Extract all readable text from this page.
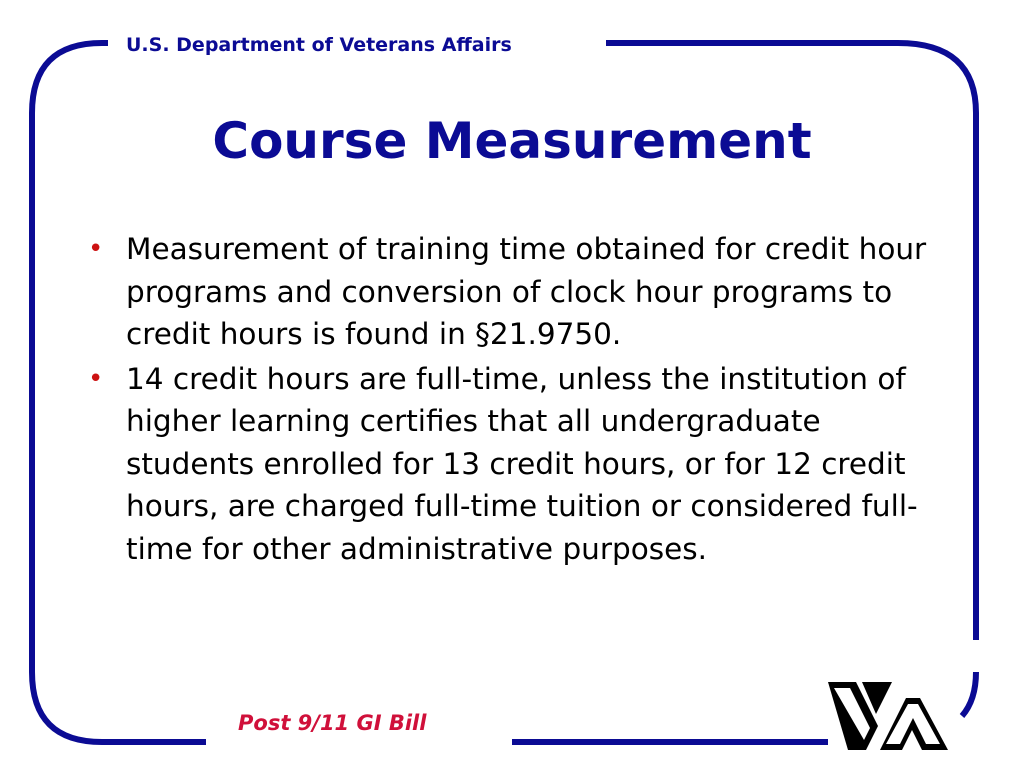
U.S. Department of Veterans Affairs
Course Measurement
• Measurement of training time obtained for credit hour programs and conversion of clock hour programs to credit hours is found in §21.9750.
• 14 credit hours are full-time, unless the institution of higher learning certifies that all undergraduate students enrolled for 13 credit hours, or for 12 credit hours, are charged full-time tuition or considered full-time for other administrative purposes.
Post 9/11 GI Bill
